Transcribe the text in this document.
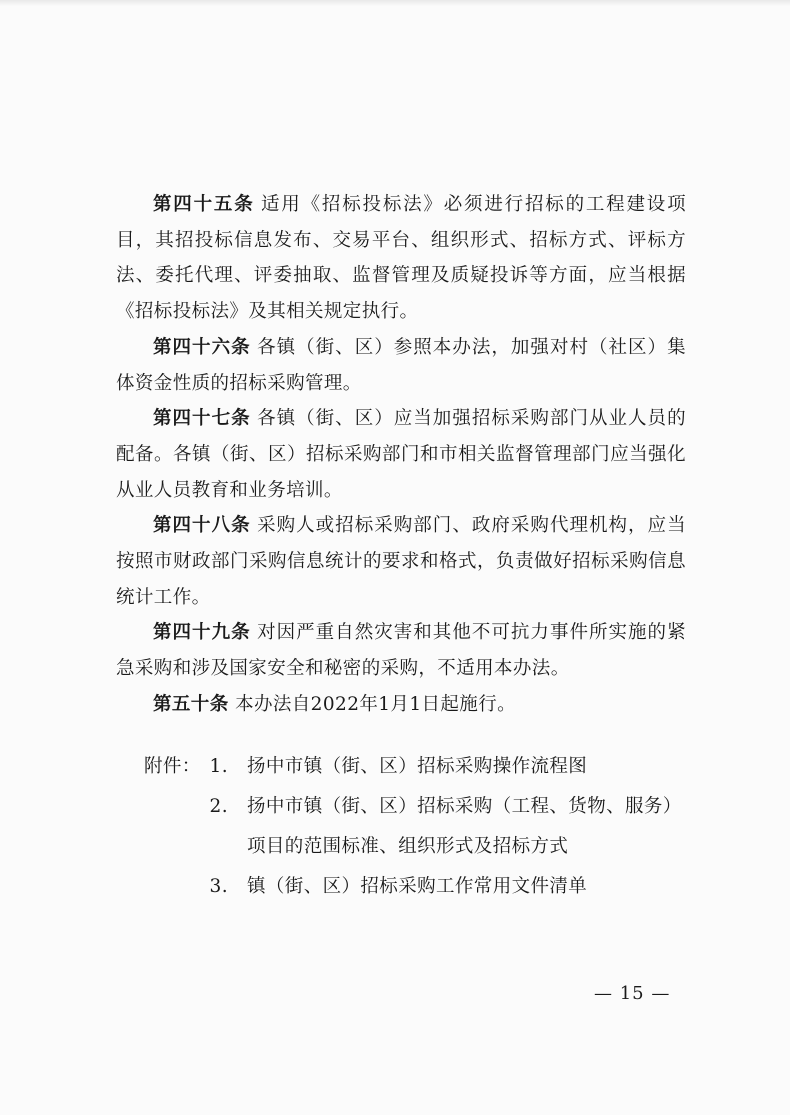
第四十五条 适用《招标投标法》必须进行招标的工程建设项目，其招投标信息发布、交易平台、组织形式、招标方式、评标方法、委托代理、评委抽取、监督管理及质疑投诉等方面，应当根据《招标投标法》及其相关规定执行。

第四十六条 各镇（街、区）参照本办法，加强对村（社区）集体资金性质的招标采购管理。

第四十七条 各镇（街、区）应当加强招标采购部门从业人员的配备。各镇（街、区）招标采购部门和市相关监督管理部门应当强化从业人员教育和业务培训。

第四十八条 采购人或招标采购部门、政府采购代理机构，应当按照市财政部门采购信息统计的要求和格式，负责做好招标采购信息统计工作。

第四十九条 对因严重自然灾害和其他不可抗力事件所实施的紧急采购和涉及国家安全和秘密的采购，不适用本办法。

第五十条 本办法自2022年1月1日起施行。

附件： 1. 扬中市镇（街、区）招标采购操作流程图
2. 扬中市镇（街、区）招标采购（工程、货物、服务）
项目的范围标准、组织形式及招标方式
3. 镇（街、区）招标采购工作常用文件清单
— 15 —
